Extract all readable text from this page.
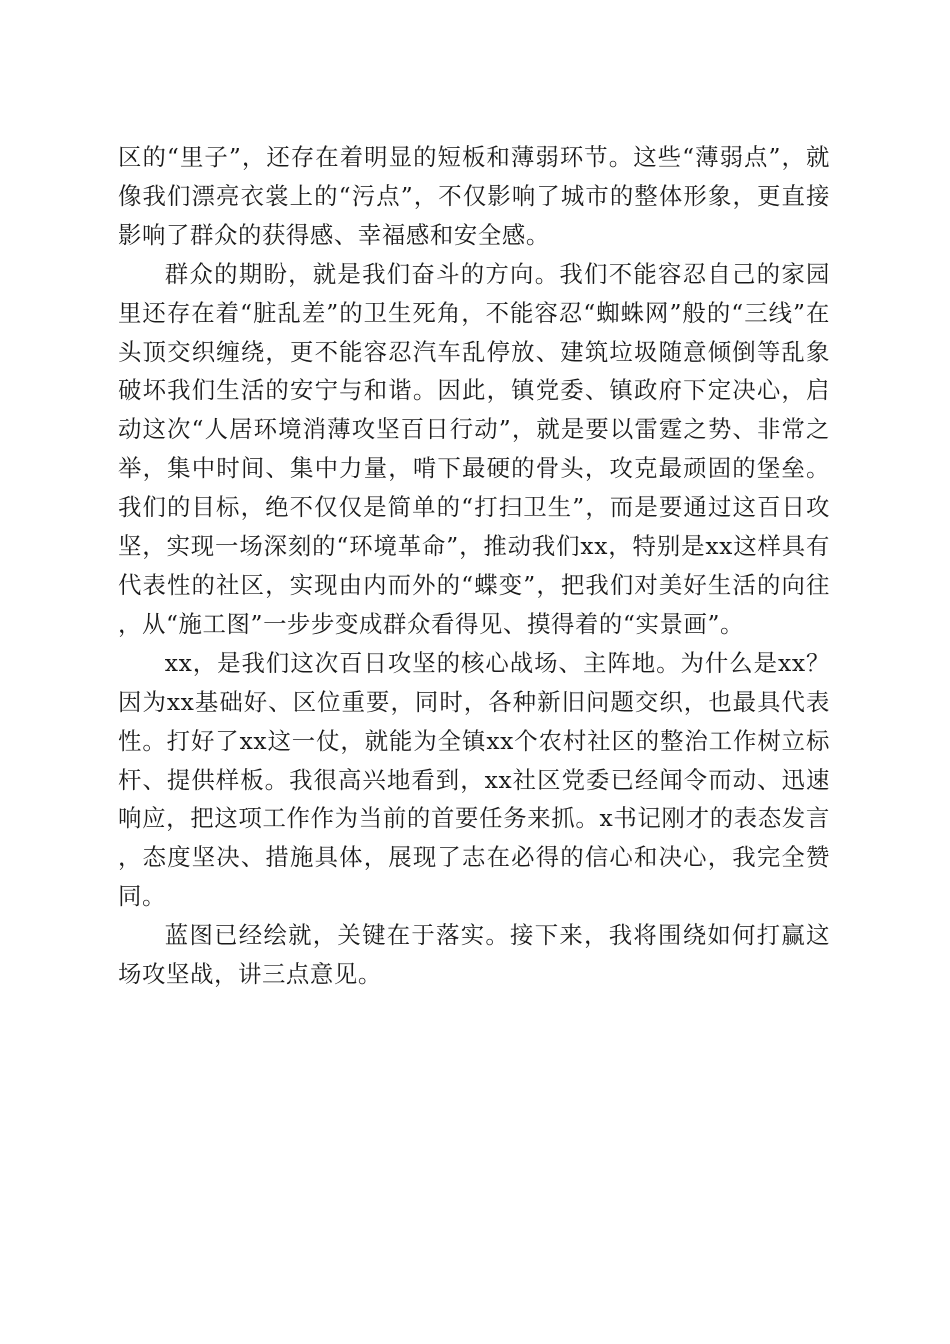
区的“里子”，还存在着明显的短板和薄弱环节。这些“薄弱点”，就像我们漂亮衣裳上的“污点”，不仅影响了城市的整体形象，更直接影响了群众的获得感、幸福感和安全感。

群众的期盼，就是我们奋斗的方向。我们不能容忍自己的家园里还存在着“脏乱差”的卫生死角，不能容忍“蜘蛛网”般的“三线”在头顶交织缠绕，更不能容忍汽车乱停放、建筑垃圾随意倾倒等乱象破坏我们生活的安宁与和谐。因此，镇党委、镇政府下定决心，启动这次“人居环境消薄攻坚百日行动”，就是要以雷霆之势、非常之举，集中时间、集中力量，啃下最硬的骨头，攻克最顽固的堡垒。我们的目标，绝不仅仅是简单的“打扫卫生”，而是要通过这百日攻坚，实现一场深刻的“环境革命”，推动我们xx，特别是xx这样具有代表性的社区，实现由内而外的“蝶变”，把我们对美好生活的向往，从“施工图”一步步变成群众看得见、摸得着的“实景画”。

xx，是我们这次百日攻坚的核心战场、主阵地。为什么是xx？因为xx基础好、区位重要，同时，各种新旧问题交织，也最具代表性。打好了xx这一仗，就能为全镇xx个农村社区的整治工作树立标杆、提供样板。我很高兴地看到，xx社区党委已经闻令而动、迅速响应，把这项工作作为当前的首要任务来抓。x书记刚才的表态发言，态度坚决、措施具体，展现了志在必得的信心和决心，我完全赞同。

蓝图已经绘就，关键在于落实。接下来，我将围绕如何打赢这场攻坚战，讲三点意见。
